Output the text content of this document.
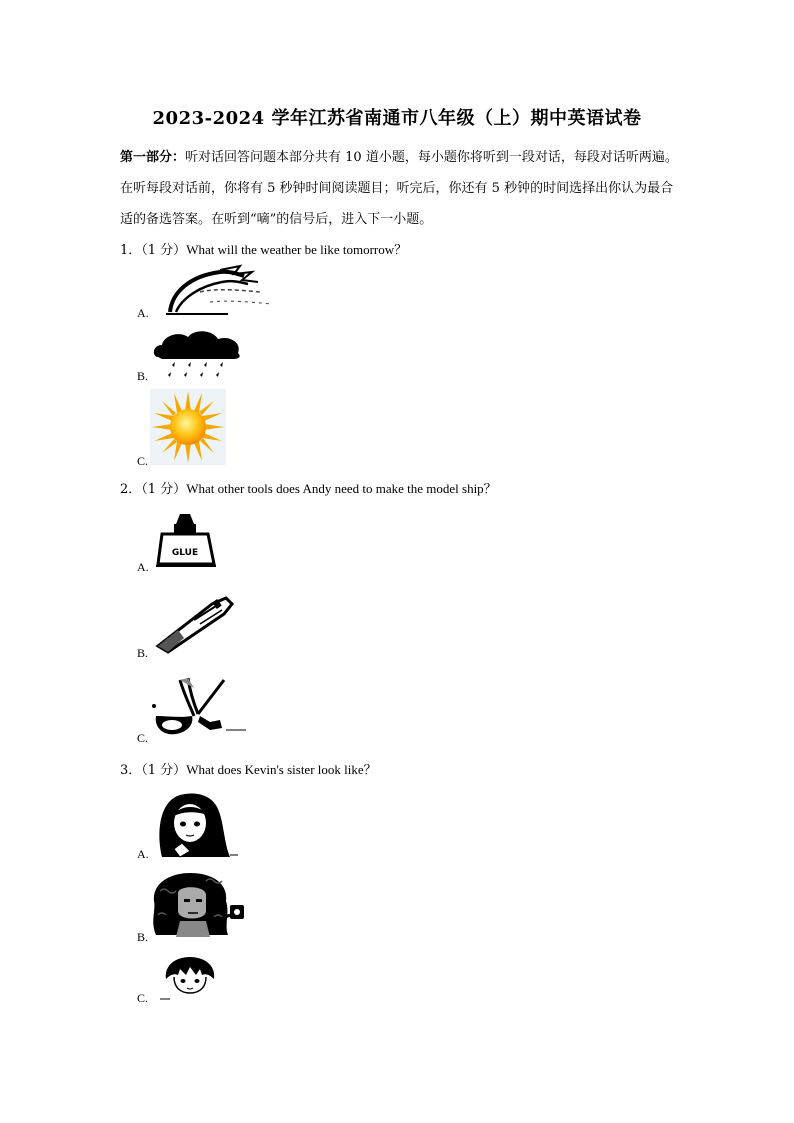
2023-2024 学年江苏省南通市八年级（上）期中英语试卷
第一部分：听对话回答问题本部分共有 10 道小题，每小题你将听到一段对话，每段对话听两遍。在听每段对话前，你将有 5 秒钟时间阅读题目；听完后，你还有 5 秒钟的时间选择出你认为最合适的备选答案。在听到“嘀”的信号后，进入下一小题。
1．（1 分）What will the weather be like tomorrow？
A.
B.
C.
2．（1 分）What other tools does Andy need to make the model ship？
A.
GLUE
B.
C.
3．（1 分）What does Kevin's sister look like？
A.
B.
C.
